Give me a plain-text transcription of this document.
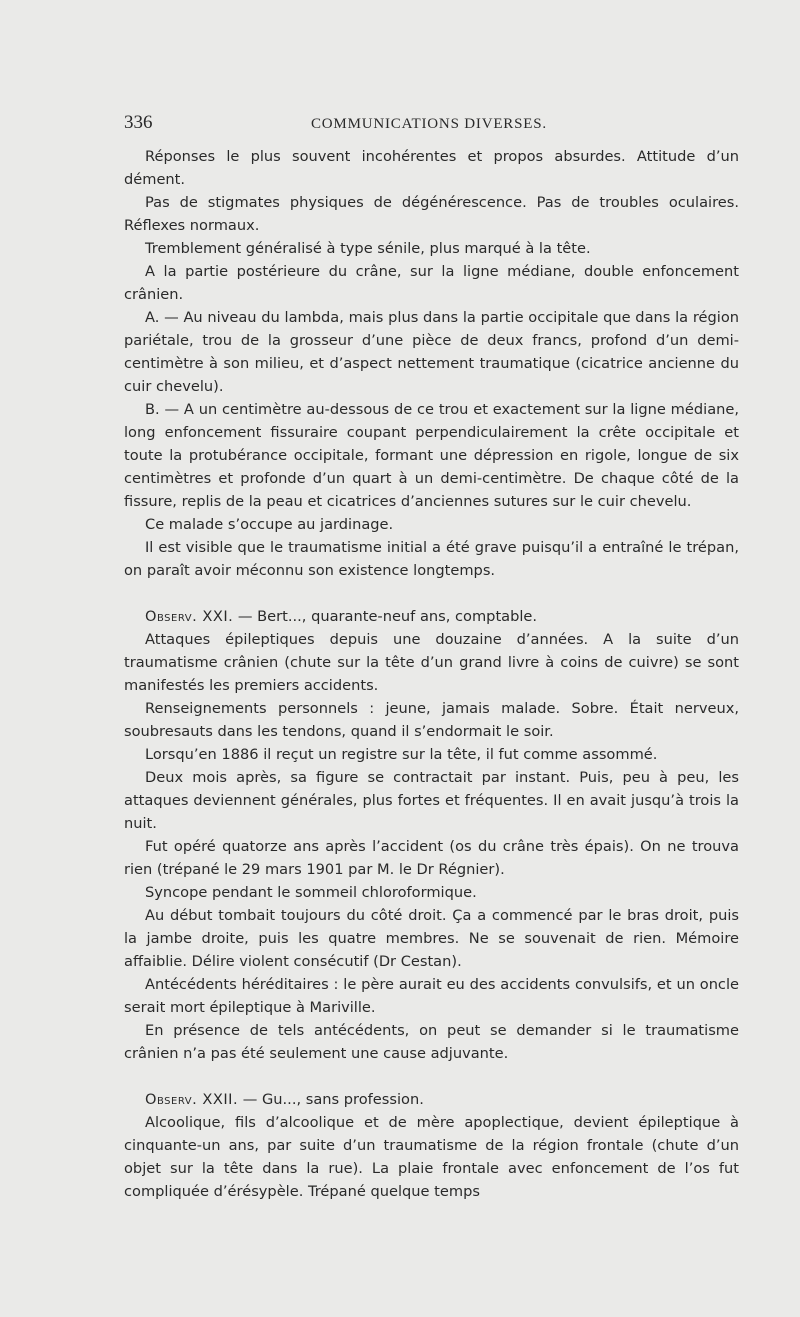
336	COMMUNICATIONS DIVERSES.

Réponses le plus souvent incohérentes et propos absurdes. Attitude d’un dément.

Pas de stigmates physiques de dégénérescence. Pas de troubles oculaires. Réflexes normaux.

Tremblement généralisé à type sénile, plus marqué à la tête.

A la partie postérieure du crâne, sur la ligne médiane, double enfoncement crânien.

A. — Au niveau du lambda, mais plus dans la partie occipitale que dans la région pariétale, trou de la grosseur d’une pièce de deux francs, profond d’un demi-centimètre à son milieu, et d’aspect nettement traumatique (cicatrice ancienne du cuir chevelu).

B. — A un centimètre au-dessous de ce trou et exactement sur la ligne médiane, long enfoncement fissuraire coupant perpendiculairement la crête occipitale et toute la protubérance occipitale, formant une dépression en rigole, longue de six centimètres et profonde d’un quart à un demi-centimètre. De chaque côté de la fissure, replis de la peau et cicatrices d’anciennes sutures sur le cuir chevelu.

Ce malade s’occupe au jardinage.

Il est visible que le traumatisme initial a été grave puisqu’il a entraîné le trépan, on paraît avoir méconnu son existence longtemps.

Observ. XXI. — Bert..., quarante-neuf ans, comptable.

Attaques épileptiques depuis une douzaine d’années. A la suite d’un traumatisme crânien (chute sur la tête d’un grand livre à coins de cuivre) se sont manifestés les premiers accidents.

Renseignements personnels : jeune, jamais malade. Sobre. Était nerveux, soubresauts dans les tendons, quand il s’endormait le soir.

Lorsqu’en 1886 il reçut un registre sur la tête, il fut comme assommé.

Deux mois après, sa figure se contractait par instant. Puis, peu à peu, les attaques deviennent générales, plus fortes et fréquentes. Il en avait jusqu’à trois la nuit.

Fut opéré quatorze ans après l’accident (os du crâne très épais). On ne trouva rien (trépané le 29 mars 1901 par M. le Dr Régnier).

Syncope pendant le sommeil chloroformique.

Au début tombait toujours du côté droit. Ça a commencé par le bras droit, puis la jambe droite, puis les quatre membres. Ne se souvenait de rien. Mémoire affaiblie. Délire violent consécutif (Dr Cestan).

Antécédents héréditaires : le père aurait eu des accidents convulsifs, et un oncle serait mort épileptique à Mariville.

En présence de tels antécédents, on peut se demander si le traumatisme crânien n’a pas été seulement une cause adjuvante.

Observ. XXII. — Gu..., sans profession.

Alcoolique, fils d’alcoolique et de mère apoplectique, devient épileptique à cinquante-un ans, par suite d’un traumatisme de la région frontale (chute d’un objet sur la tête dans la rue). La plaie frontale avec enfoncement de l’os fut compliquée d’érésypèle. Trépané quelque temps
